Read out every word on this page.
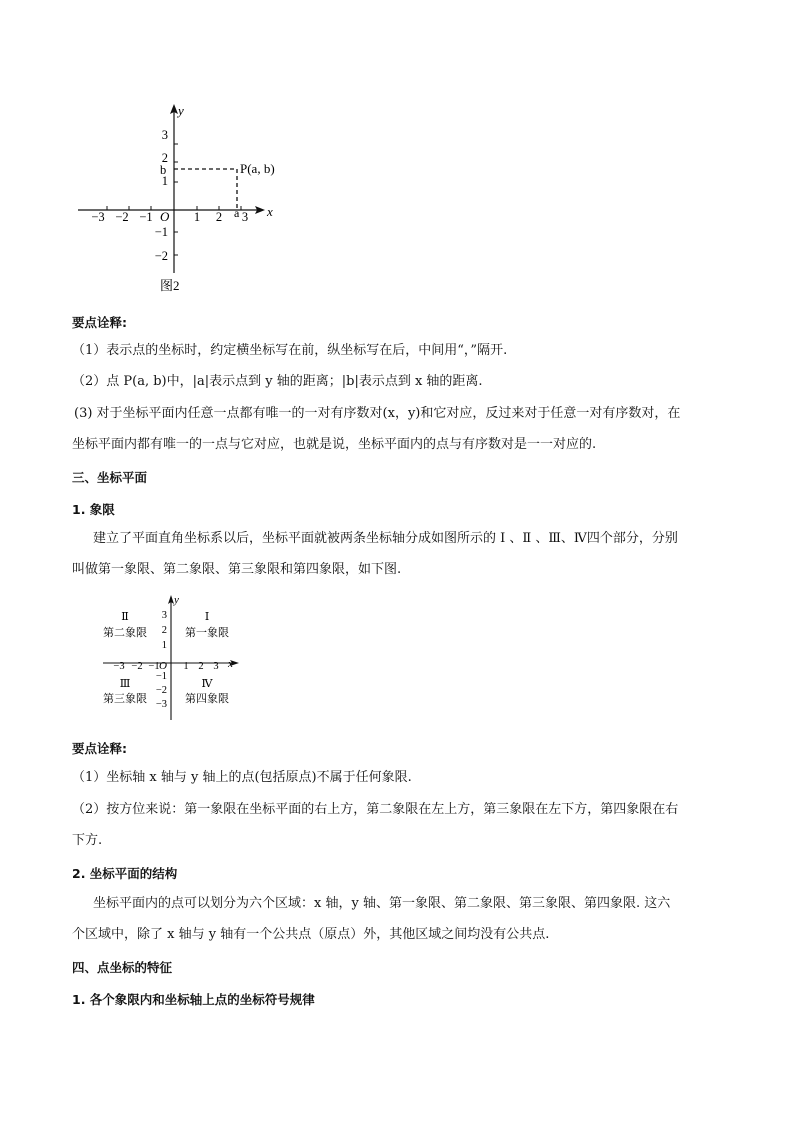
y
x
O
−3 −2 −1	1 2 3
3
2
1
−1
−2
b
a
P(a, b)
图2
要点诠释:
（1）表示点的坐标时，约定横坐标写在前，纵坐标写在后，中间用“，”隔开.
（2）点 P(a, b)中，|a|表示点到 y 轴的距离；|b|表示点到 x 轴的距离.
(3) 对于坐标平面内任意一点都有唯一的一对有序数对(x，y)和它对应，反过来对于任意一对有序数对，在
坐标平面内都有唯一的一点与它对应，也就是说，坐标平面内的点与有序数对是一一对应的.
三、坐标平面
1. 象限
建立了平面直角坐标系以后，坐标平面就被两条坐标轴分成如图所示的 Ⅰ 、Ⅱ 、Ⅲ、Ⅳ四个部分，分别
叫做第一象限、第二象限、第三象限和第四象限，如下图.
y
x
O
−3 −2 −1 1 2 3
3
2
1
−1
−2
−3
Ⅰ
第一象限
Ⅱ
第二象限
Ⅲ
第三象限
Ⅳ
第四象限
要点诠释:
（1）坐标轴 x 轴与 y 轴上的点(包括原点)不属于任何象限.
（2）按方位来说：第一象限在坐标平面的右上方，第二象限在左上方，第三象限在左下方，第四象限在右
下方.
2. 坐标平面的结构
坐标平面内的点可以划分为六个区域：x 轴，y 轴、第一象限、第二象限、第三象限、第四象限. 这六
个区域中，除了 x 轴与 y 轴有一个公共点（原点）外，其他区域之间均没有公共点.
四、点坐标的特征
1. 各个象限内和坐标轴上点的坐标符号规律
